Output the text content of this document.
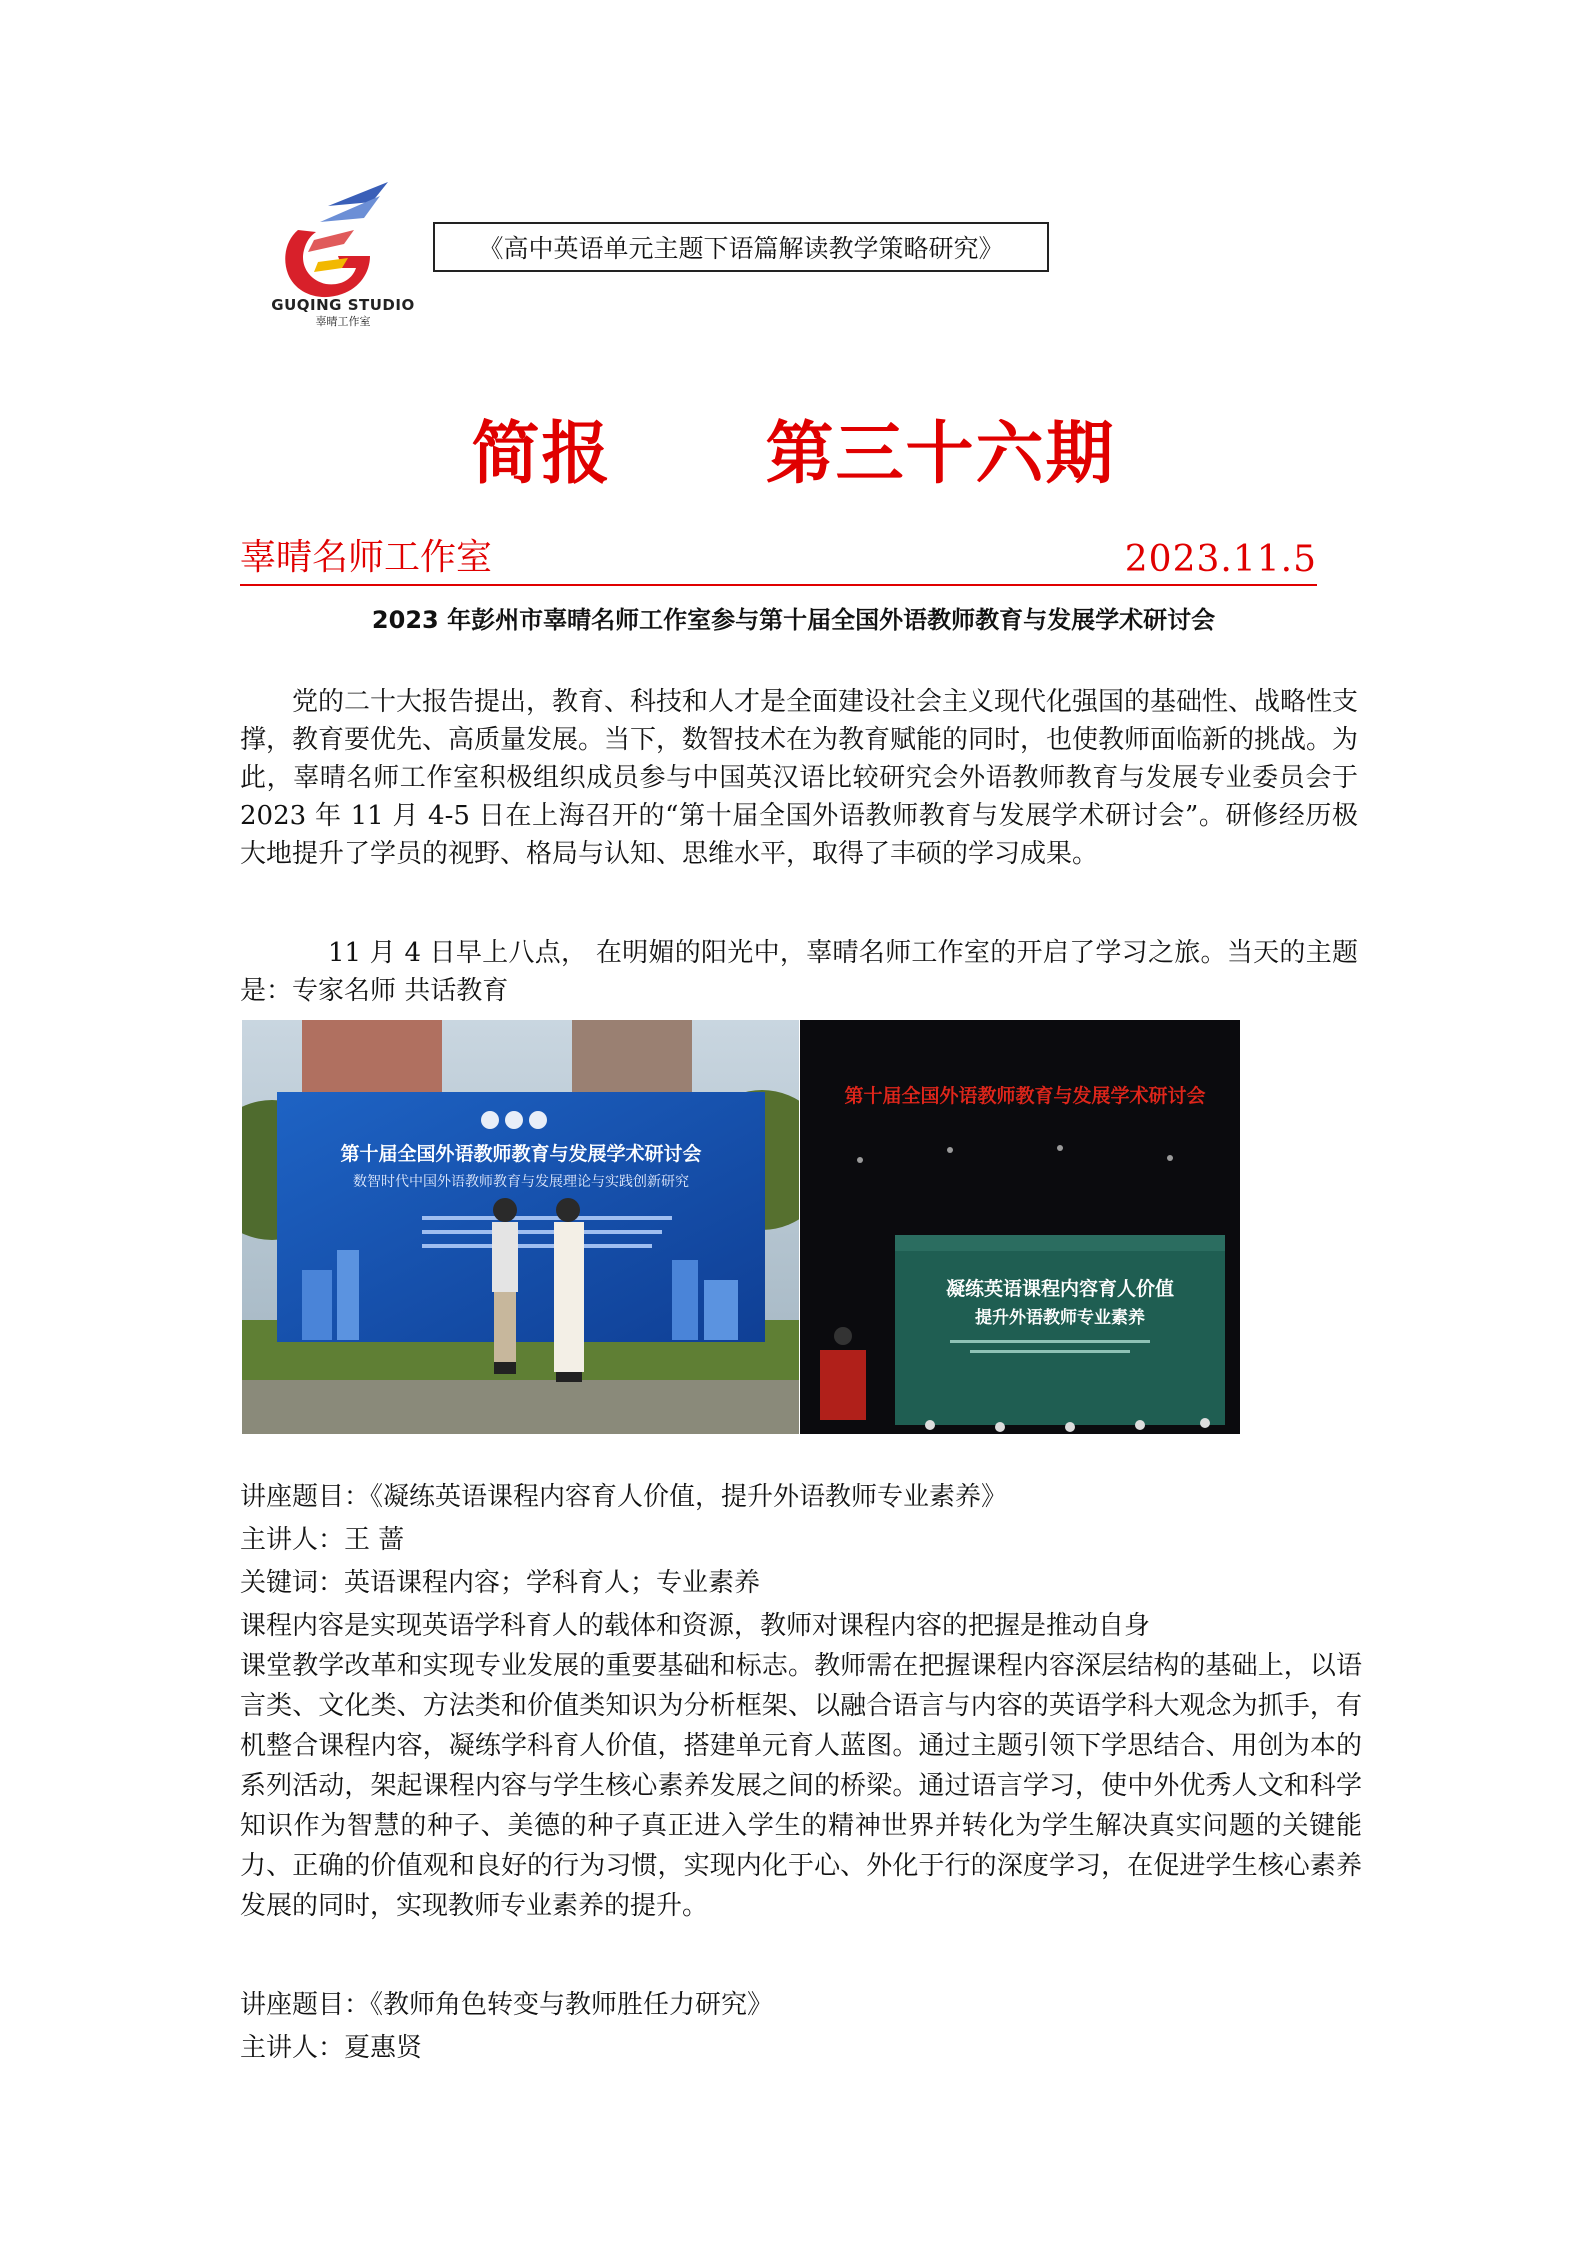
GUQING STUDIO
辜晴工作室
《高中英语单元主题下语篇解读教学策略研究》
简报      第三十六期
辜晴名师工作室	2023.11.5
2023 年彭州市辜晴名师工作室参与第十届全国外语教师教育与发展学术研讨会

党的二十大报告提出，教育、科技和人才是全面建设社会主义现代化强国的基础性、战略性支撑，教育要优先、高质量发展。当下，数智技术在为教育赋能的同时，也使教师面临新的挑战。为此，辜晴名师工作室积极组织成员参与中国英汉语比较研究会外语教师教育与发展专业委员会于 2023 年 11 月 4-5 日在上海召开的“第十届全国外语教师教育与发展学术研讨会”。研修经历极大地提升了学员的视野、格局与认知、思维水平，取得了丰硕的学习成果。

11 月 4 日早上八点， 在明媚的阳光中，辜晴名师工作室的开启了学习之旅。当天的主题是：专家名师 共话教育

第十届全国外语教师教育与发展学术研讨会
数智时代中国外语教师教育与发展理论与实践创新研究
第十届全国外语教师教育与发展学术研讨会
凝练英语课程内容育人价值
提升外语教师专业素养

讲座题目：《凝练英语课程内容育人价值，提升外语教师专业素养》

主讲人：王 蔷

关键词：英语课程内容；学科育人；专业素养

课程内容是实现英语学科育人的载体和资源，教师对课程内容的把握是推动自身
课堂教学改革和实现专业发展的重要基础和标志。教师需在把握课程内容深层结构的基础上，以语言类、文化类、方法类和价值类知识为分析框架、以融合语言与内容的英语学科大观念为抓手，有机整合课程内容，凝练学科育人价值，搭建单元育人蓝图。通过主题引领下学思结合、用创为本的系列活动，架起课程内容与学生核心素养发展之间的桥梁。通过语言学习，使中外优秀人文和科学知识作为智慧的种子、美德的种子真正进入学生的精神世界并转化为学生解决真实问题的关键能力、正确的价值观和良好的行为习惯，实现内化于心、外化于行的深度学习，在促进学生核心素养发展的同时，实现教师专业素养的提升。

讲座题目：《教师角色转变与教师胜任力研究》

主讲人：夏惠贤
